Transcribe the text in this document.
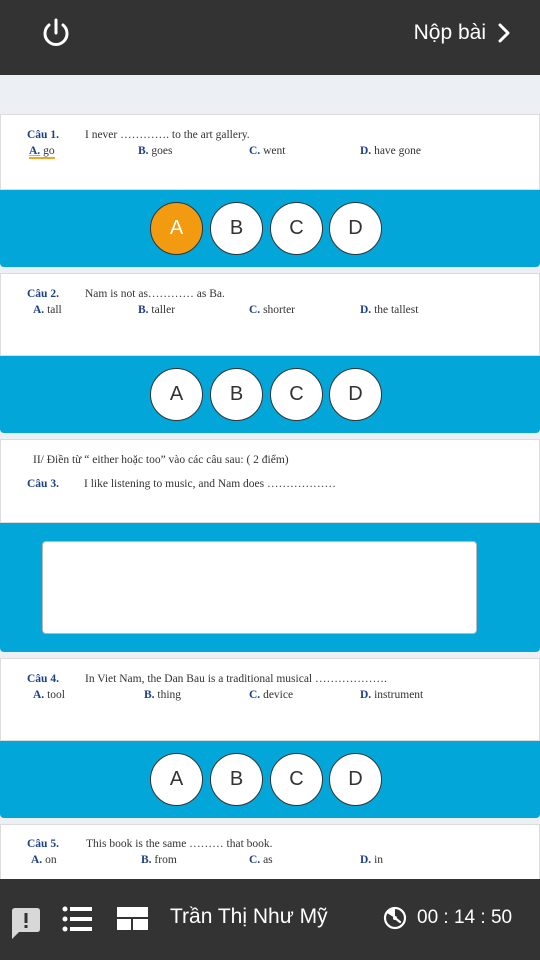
Nộp bài
Câu 1. I never …………. to the art gallery.
A. go	B. goes	C. went	D. have gone
A	B	C	D
Câu 2. Nam is not as………… as Ba.
A. tall	B. taller	C. shorter	D. the tallest
A	B	C	D
II/ Điền từ “ either hoặc too” vào các câu sau: ( 2 điểm)
Câu 3. I like listening to music, and Nam does ………………
Câu 4. In Viet Nam, the Dan Bau is a traditional musical ……………….
A. tool	B. thing	C. device	D. instrument
A	B	C	D
Câu 5. This book is the same ……… that book.
A. on	B. from	C. as	D. in
Trần Thị Như Mỹ	00 : 14 : 50
